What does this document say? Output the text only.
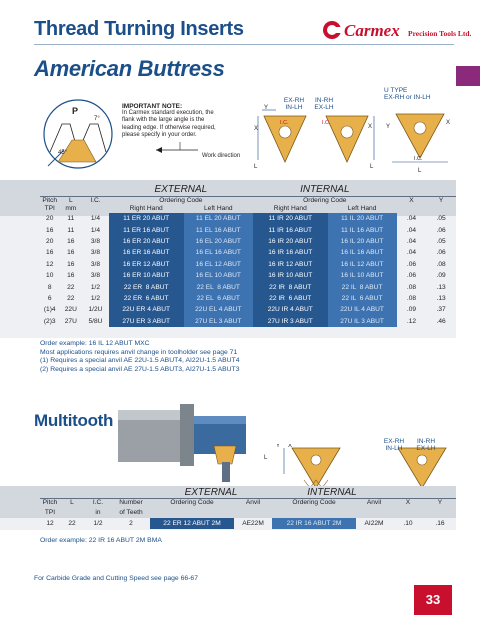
Thread Turning Inserts	Carmex Precision Tools Ltd.
American Buttress
P
7°
45°
IMPORTANT NOTE:
In Carmex standard execution, the
flank with the large angle is the
leading edge. If otherwise required,
please specify in your order.
Work direction
X
Y
L
I.C.
X
I.C.
L
I.C.
L
X
Y
EX-RH
IN-LH
IN-RH
EX-LH
U TYPE
EX-RH or IN-LH
			EXTERNAL		INTERNAL			
Pitch	L	I.C.	Ordering Code		Ordering Code		X	Y
TPI	mm		Right Hand	Left Hand	Right Hand	Left Hand		
20	11	1/4	11 ER 20 ABUT	11 EL 20 ABUT	11 IR 20 ABUT	11 IL 20 ABUT	.04	.05
16	11	1/4	11 ER 16 ABUT	11 EL 16 ABUT	11 IR 16 ABUT	11 IL 16 ABUT	.04	.06
20	16	3/8	16 ER 20 ABUT	16 EL 20 ABUT	16 IR 20 ABUT	16 IL 20 ABUT	.04	.05
16	16	3/8	16 ER 16 ABUT	16 EL 16 ABUT	16 IR 16 ABUT	16 IL 16 ABUT	.04	.06
12	16	3/8	16 ER 12 ABUT	16 EL 12 ABUT	16 IR 12 ABUT	16 IL 12 ABUT	.06	.08
10	16	3/8	16 ER 10 ABUT	16 EL 10 ABUT	16 IR 10 ABUT	16 IL 10 ABUT	.06	.09
8	22	1/2	22 ER  8 ABUT	22 EL  8 ABUT	22 IR  8 ABUT	22 IL  8 ABUT	.08	.13
6	22	1/2	22 ER  6 ABUT	22 EL  6 ABUT	22 IR  6 ABUT	22 IL  6 ABUT	.08	.13
(1)4	22U	1/2U	22U ER 4 ABUT	22U EL 4 ABUT	22U IR 4 ABUT	22U IL 4 ABUT	.09	.37
(2)3	27U	5/8U	27U ER 3 ABUT	27U EL 3 ABUT	27U IR 3 ABUT	27U IL 3 ABUT	.12	.46
Order example: 16 IL 12 ABUT MXC
Most applications requires anvil change in toolholder see page 71
(1) Requires a special anvil AE 22U-1.5 ABUT4, AI22U-1.5 ABUT4
(2) Requires a special anvil AE 27U-1.5 ABUT3, AI27U-1.5 ABUT3
Multitooth
X
Y
L
EX-RH
IN-LH
IN-RH
EX-LH
				EXTERNAL		INTERNAL			
Pitch	L	I.C.	Number	Ordering Code	Anvil	Ordering Code	Anvil	X	Y
TPI		in	of Teeth						
12	22	1/2	2	22 ER 12 ABUT 2M	AE22M	22 IR 16 ABUT 2M	AI22M	.10	.16
Order example: 22 IR 16 ABUT 2M BMA
For Carbide Grade and Cutting Speed see page 66-67
33
